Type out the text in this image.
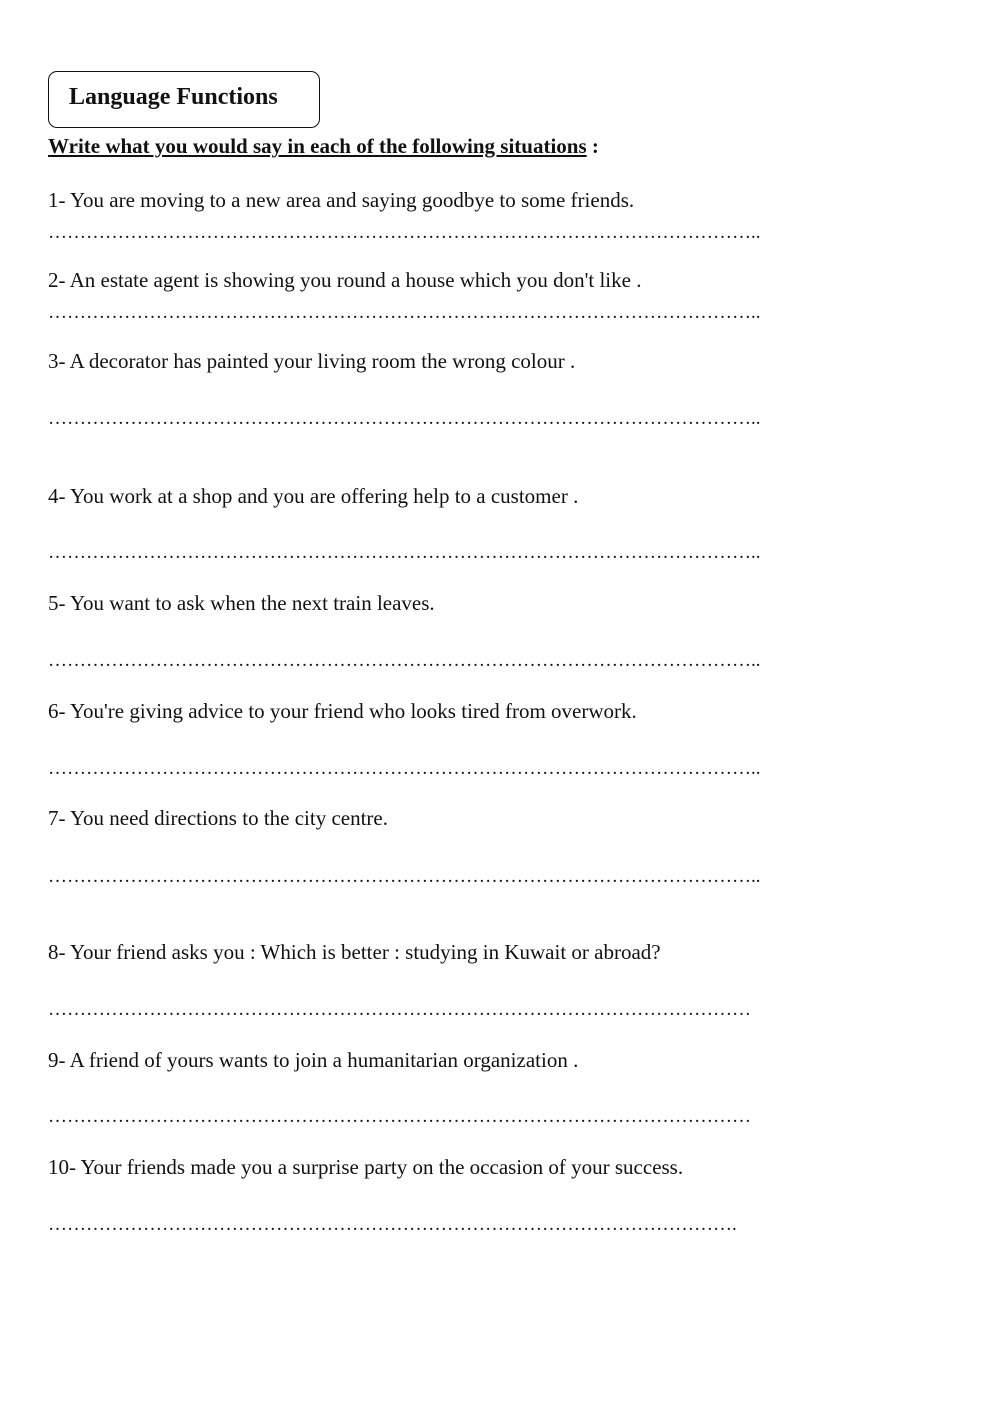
Language Functions
Write what you would say in each of the following situations :
1- You are moving to a new area and saying goodbye to some friends.
…………………………………………………………………………………………………..
2- An estate agent is showing you round a house which you don't like .
…………………………………………………………………………………………………..
3- A decorator has painted your living room the wrong colour .
…………………………………………………………………………………………………..
4- You work at a shop and you are offering help to a customer .
…………………………………………………………………………………………………..
5- You want to ask when the next train leaves.
…………………………………………………………………………………………………..
6- You're giving advice to your friend who looks tired from overwork.
…………………………………………………………………………………………………..
7- You need directions to the city centre.
…………………………………………………………………………………………………..
8- Your friend asks you : Which is better : studying in Kuwait or abroad?
…………………………………………………………………………………………………
9- A friend of yours wants to join a humanitarian organization .
…………………………………………………………………………………………………
10- Your friends made you a surprise party on the occasion of your success.
……………………………………………………………………………………………….
